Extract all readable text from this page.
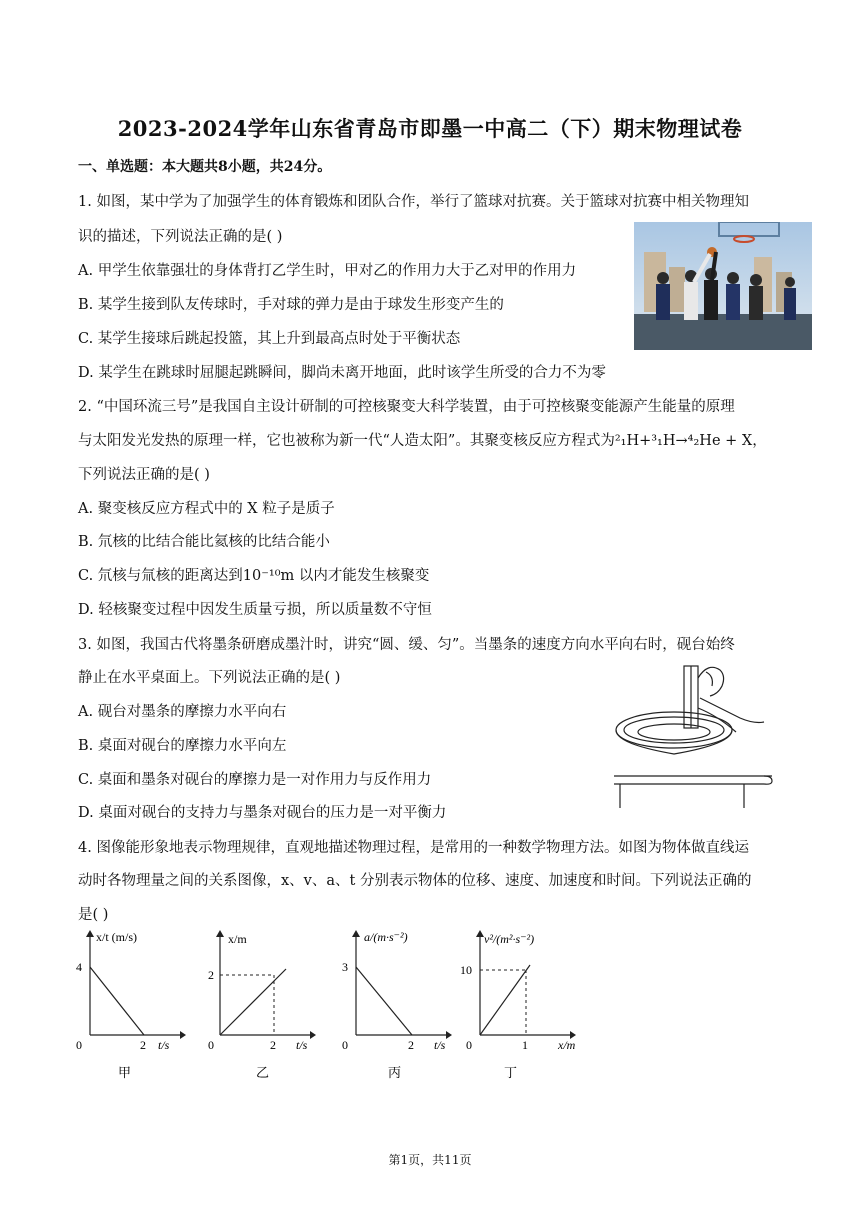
2023-2024学年山东省青岛市即墨一中高二（下）期末物理试卷
一、单选题：本大题共8小题，共24分。
1. 如图，某中学为了加强学生的体育锻炼和团队合作，举行了篮球对抗赛。关于篮球对抗赛中相关物理知
识的描述，下列说法正确的是( )
A. 甲学生依靠强壮的身体背打乙学生时，甲对乙的作用力大于乙对甲的作用力
B. 某学生接到队友传球时，手对球的弹力是由于球发生形变产生的
C. 某学生接球后跳起投篮，其上升到最高点时处于平衡状态
D. 某学生在跳球时屈腿起跳瞬间，脚尚未离开地面，此时该学生所受的合力不为零
2. “中国环流三号”是我国自主设计研制的可控核聚变大科学装置，由于可控核聚变能源产生能量的原理
与太阳发光发热的原理一样，它也被称为新一代“人造太阳”。其聚变核反应方程式为²₁H+³₁H→⁴₂He + X，
下列说法正确的是( )
A. 聚变核反应方程式中的 X 粒子是质子
B. 氘核的比结合能比氦核的比结合能小
C. 氘核与氚核的距离达到10⁻¹⁰m 以内才能发生核聚变
D. 轻核聚变过程中因发生质量亏损，所以质量数不守恒
3. 如图，我国古代将墨条研磨成墨汁时，讲究“圆、缓、匀”。当墨条的速度方向水平向右时，砚台始终
静止在水平桌面上。下列说法正确的是( )
A. 砚台对墨条的摩擦力水平向右
B. 桌面对砚台的摩擦力水平向左
C. 桌面和墨条对砚台的摩擦力是一对作用力与反作用力
D. 桌面对砚台的支持力与墨条对砚台的压力是一对平衡力
4. 图像能形象地表示物理规律，直观地描述物理过程，是常用的一种数学物理方法。如图为物体做直线运
动时各物理量之间的关系图像，x、v、a、t 分别表示物体的位移、速度、加速度和时间。下列说法正确的
是( )
x/t (m/s)
4
0	2 t/s
甲
x/m
2
0	2 t/s
乙
a/(m·s⁻²)
3
0	2 t/s
丙
v²/(m²·s⁻²)
10
0	1	x/m
丁
第1页，共11页
